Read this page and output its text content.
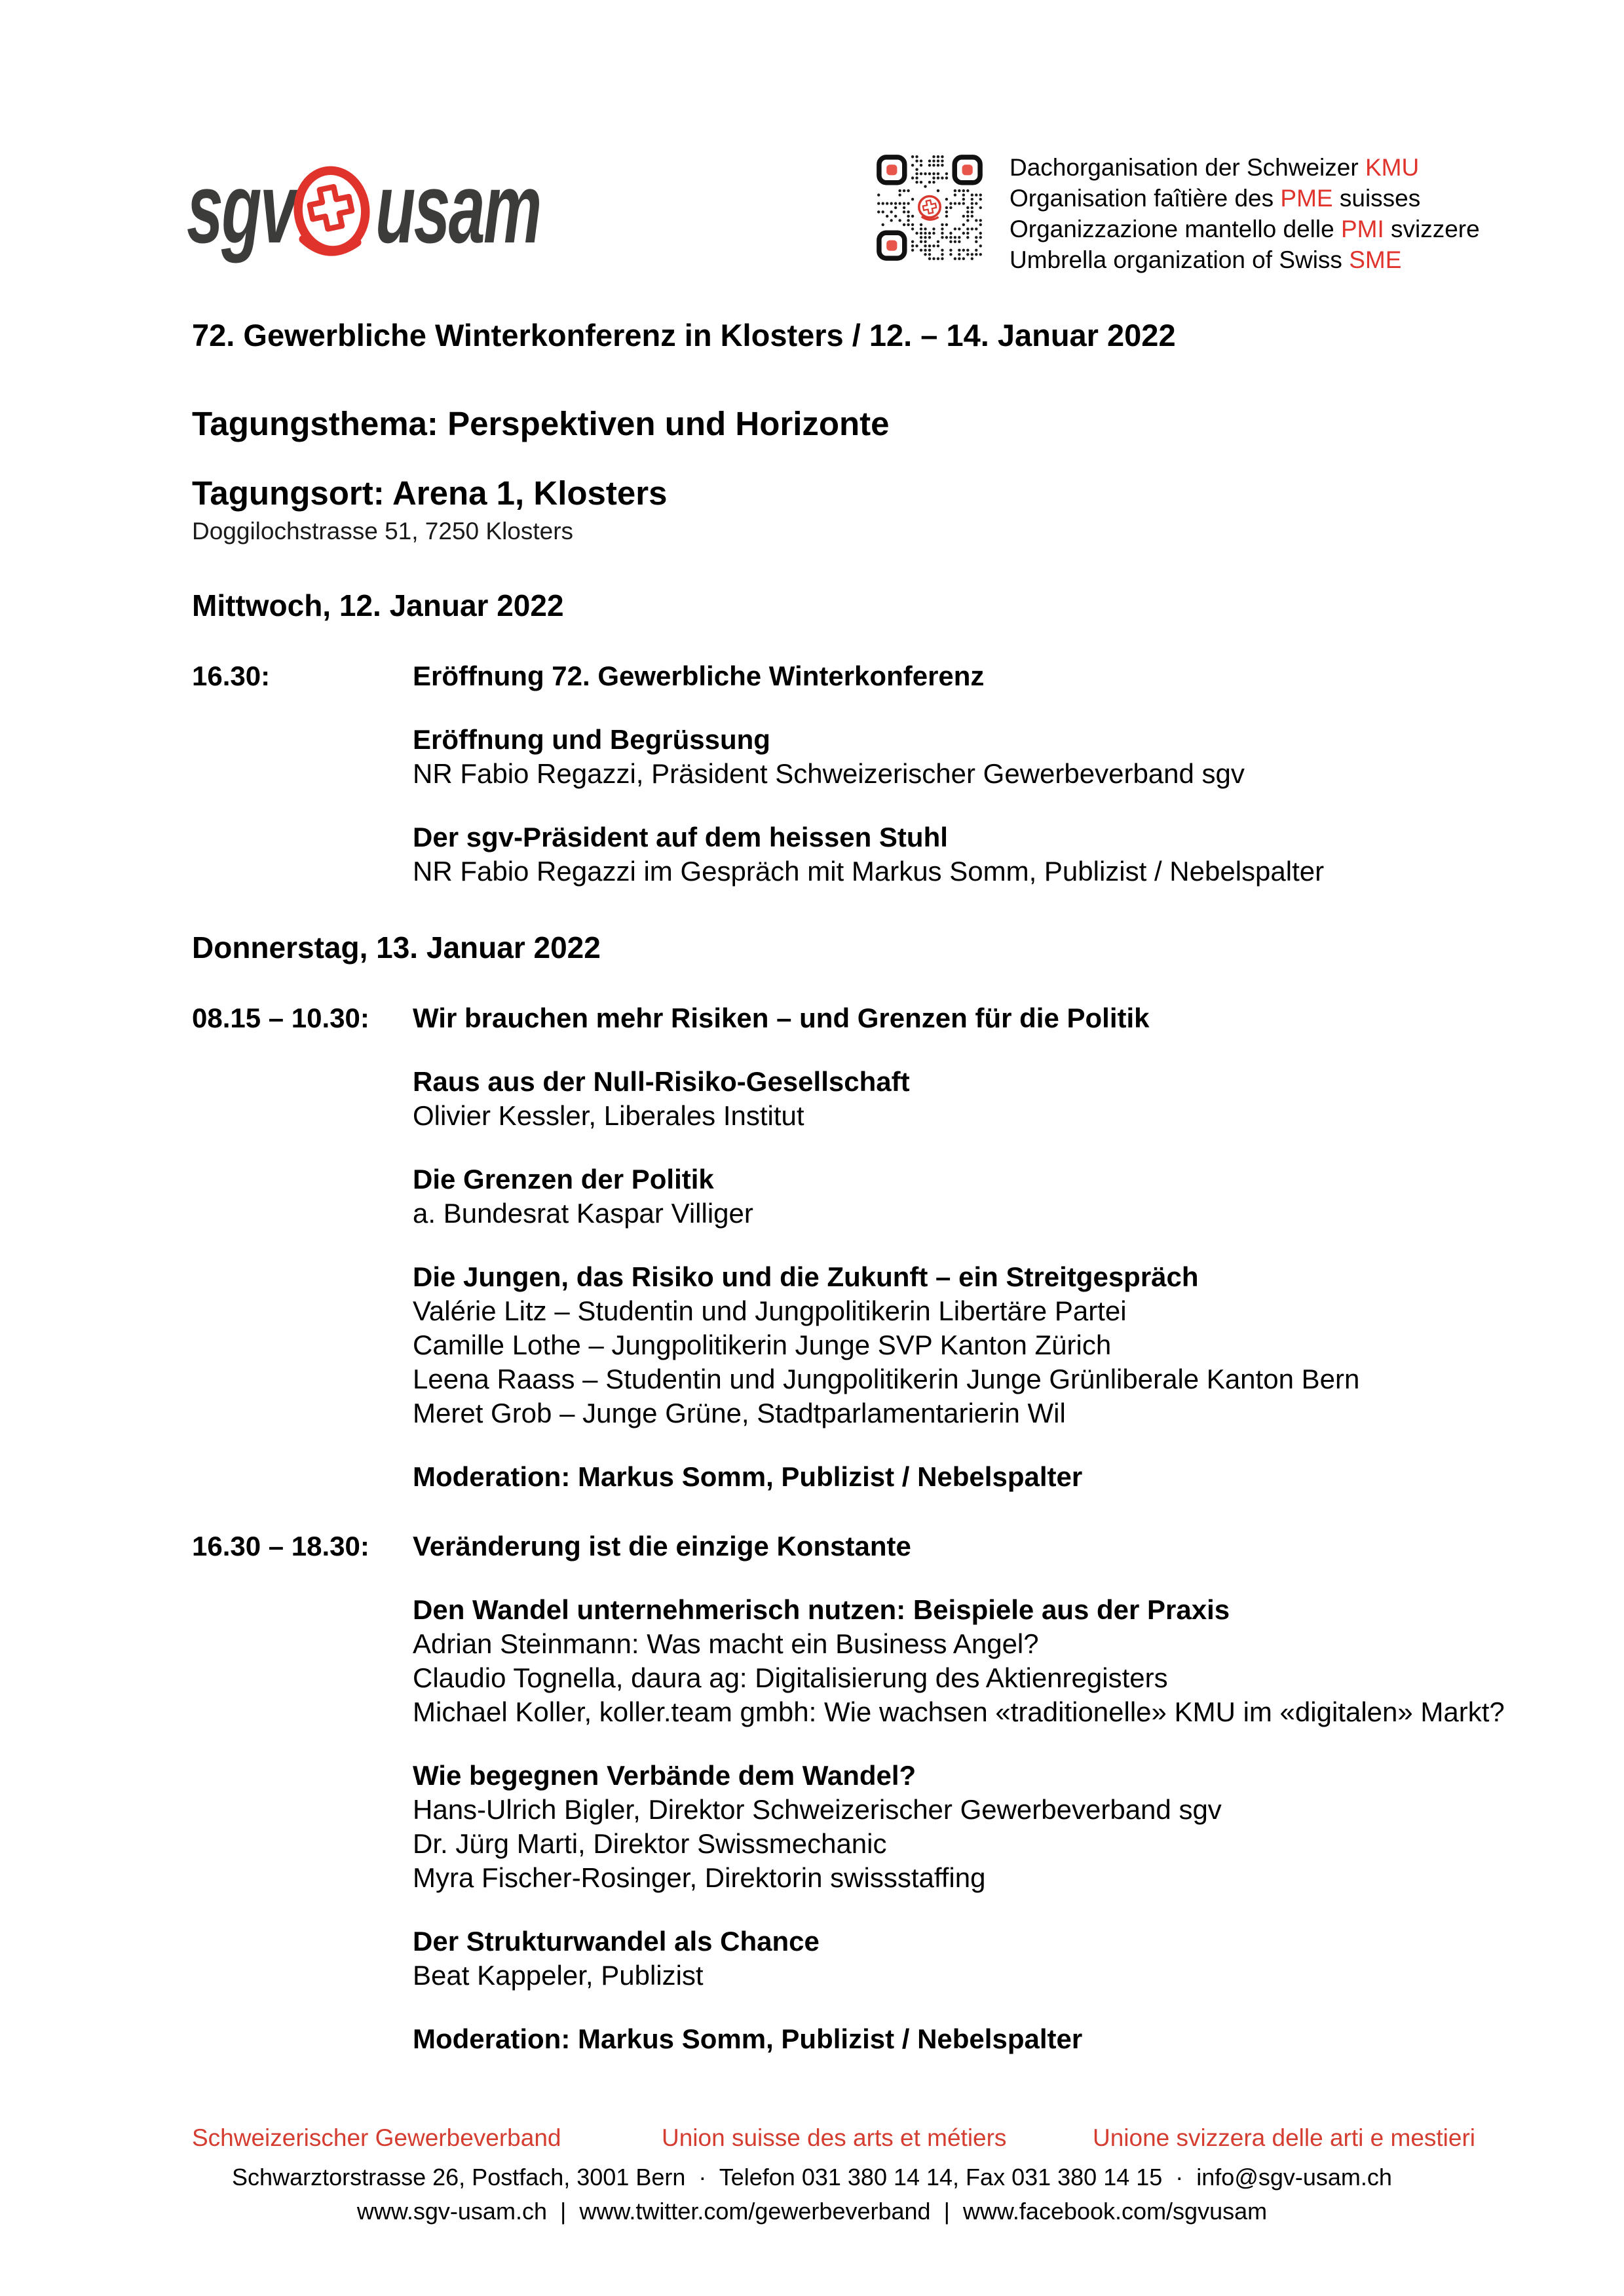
sgv usam	Dachorganisation der Schweizer KMU
Organisation faîtière des PME suisses
Organizzazione mantello delle PMI svizzere
Umbrella organization of Swiss SME

72. Gewerbliche Winterkonferenz in Klosters / 12. – 14. Januar 2022

Tagungsthema: Perspektiven und Horizonte

Tagungsort: Arena 1, Klosters

Doggilochstrasse 51, 7250 Klosters

Mittwoch, 12. Januar 2022

16.30:	Eröffnung 72. Gewerbliche Winterkonferenz
Eröffnung und Begrüssung
NR Fabio Regazzi, Präsident Schweizerischer Gewerbeverband sgv
Der sgv-Präsident auf dem heissen Stuhl
NR Fabio Regazzi im Gespräch mit Markus Somm, Publizist / Nebelspalter

Donnerstag, 13. Januar 2022

08.15 – 10.30:	Wir brauchen mehr Risiken – und Grenzen für die Politik
Raus aus der Null-Risiko-Gesellschaft
Olivier Kessler, Liberales Institut
Die Grenzen der Politik
a. Bundesrat Kaspar Villiger
Die Jungen, das Risiko und die Zukunft – ein Streitgespräch
Valérie Litz – Studentin und Jungpolitikerin Libertäre Partei
Camille Lothe – Jungpolitikerin Junge SVP Kanton Zürich
Leena Raass – Studentin und Jungpolitikerin Junge Grünliberale Kanton Bern
Meret Grob – Junge Grüne, Stadtparlamentarierin Wil
Moderation: Markus Somm, Publizist / Nebelspalter
16.30 – 18.30:	Veränderung ist die einzige Konstante
Den Wandel unternehmerisch nutzen: Beispiele aus der Praxis
Adrian Steinmann: Was macht ein Business Angel?
Claudio Tognella, daura ag: Digitalisierung des Aktienregisters
Michael Koller, koller.team gmbh: Wie wachsen «traditionelle» KMU im «digitalen» Markt?
Wie begegnen Verbände dem Wandel?
Hans-Ulrich Bigler, Direktor Schweizerischer Gewerbeverband sgv
Dr. Jürg Marti, Direktor Swissmechanic
Myra Fischer-Rosinger, Direktorin swissstaffing
Der Strukturwandel als Chance
Beat Kappeler, Publizist
Moderation: Markus Somm, Publizist / Nebelspalter
Schweizerischer Gewerbeverband	Union suisse des arts et métiers	Unione svizzera delle arti e mestieri
Schwarztorstrasse 26, Postfach, 3001 Bern  ·  Telefon 031 380 14 14, Fax 031 380 14 15  ·  info@sgv-usam.ch
www.sgv-usam.ch  |  www.twitter.com/gewerbeverband  |  www.facebook.com/sgvusam
